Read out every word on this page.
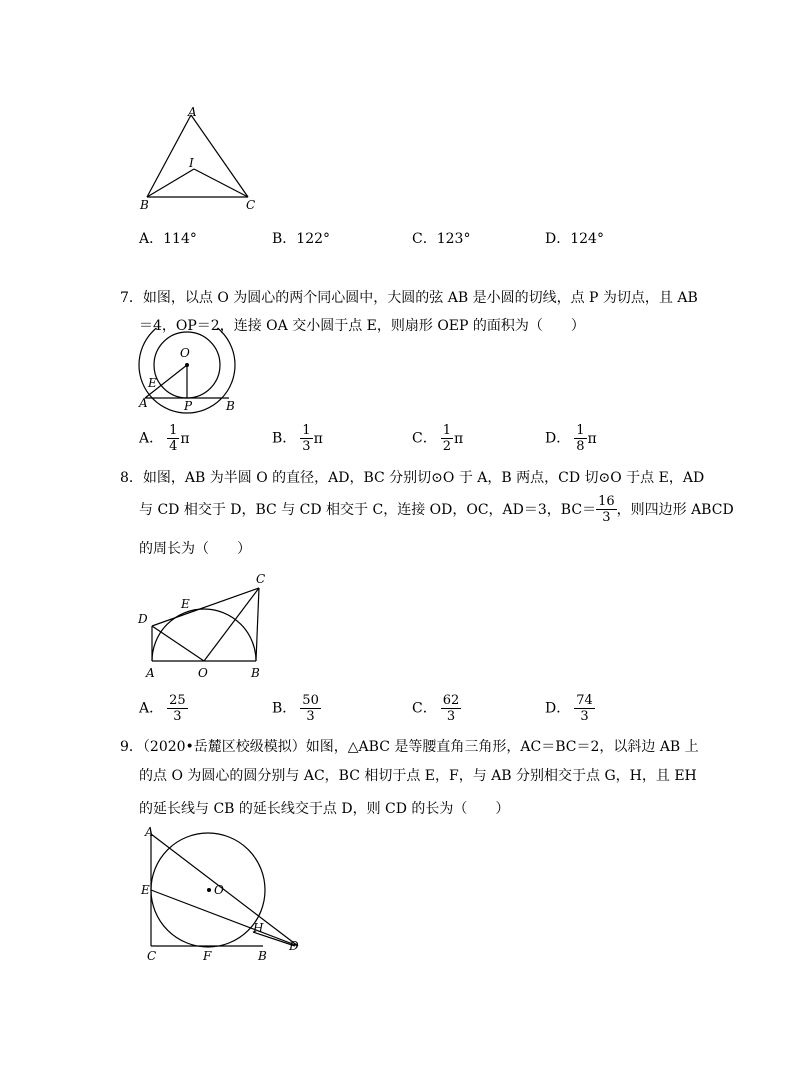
A
I
B	C
A．114°	B．122°	C．123°	D．124°
7．如图，以点 O 为圆心的两个同心圆中，大圆的弦 AB 是小圆的切线，点 P 为切点，且 AB
＝4，OP＝2，连接 OA 交小圆于点 E，则扇形 OEP 的面积为（　　）
O
E
A	P	B
A． $\frac{1}{4}$ π	B． $\frac{1}{3}$ π	C． $\frac{1}{2}$ π	D． $\frac{1}{8}$ π
8．如图，AB 为半圆 O 的直径，AD，BC 分别切⊙O 于 A，B 两点，CD 切⊙O 于点 E，AD
与 CD 相交于 D，BC 与 CD 相交于 C，连接 OD，OC，AD＝3，$BC= \frac{16}{3}$ ，则四边形 ABCD
的周长为（　　）
C
E
D
A	O	B
A． $\frac{25}{3}$	B． $\frac{50}{3}$	C． $\frac{62}{3}$	D． $\frac{74}{3}$
9．（2020•岳麓区校级模拟）如图，△ABC 是等腰直角三角形，AC＝BC＝2，以斜边 AB 上
的点 O 为圆心的圆分别与 AC，BC 相切于点 E，F，与 AB 分别相交于点 G，H，且 EH
的延长线与 CB 的延长线交于点 D，则 CD 的长为（　　）
A
E	O
H
D
C	F	B
